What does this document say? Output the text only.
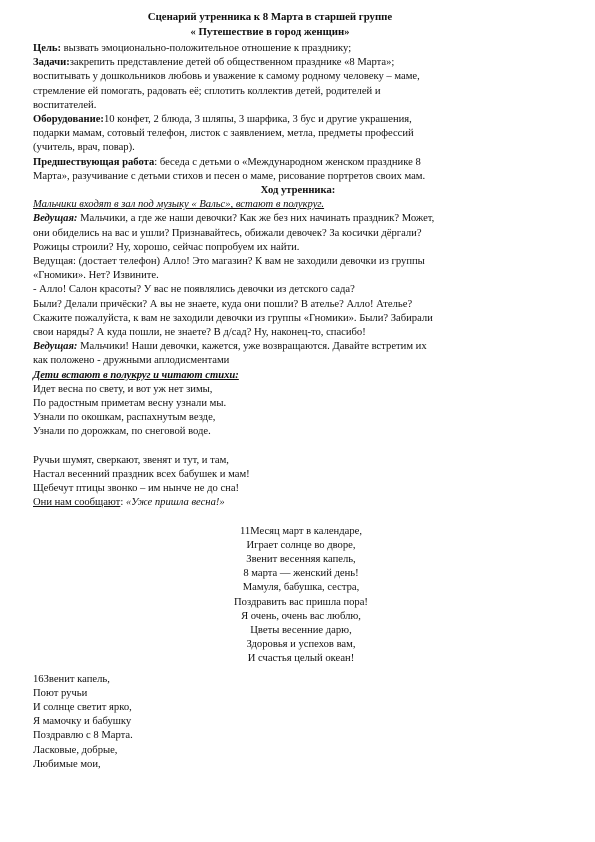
Сценарий утренника к 8 Марта в старшей группе
« Путешествие в город женщин»

Цель: вызвать эмоционально-положительное отношение к празднику;

Задачи:закрепить представление детей об общественном празднике «8 Марта»;
воспитывать у дошкольников любовь и уважение к самому родному человеку – маме,
стремление ей помогать, радовать её; сплотить коллектив детей, родителей и
воспитателей.

Оборудование:10 конфет, 2 блюда, 3 шляпы, 3 шарфика, 3 бус и другие украшения,
подарки мамам, сотовый телефон, листок с заявлением, метла, предметы профессий
(учитель, врач, повар).

Предшествующая работа: беседа с детьми о «Международном женском празднике 8
Марта», разучивание с детьми стихов и песен о маме, рисование портретов своих мам.

Ход утренника:

Мальчики входят в зал под музыку « Вальс», встают в полукруг.

Ведущая: Мальчики, а где же наши девочки? Как же без них начинать праздник? Может,
они обиделись на вас и ушли? Признавайтесь, обижали девочек? За косички дёргали?
Рожицы строили? Ну, хорошо, сейчас попробуем их найти.
Ведущая: (достает телефон) Алло! Это магазин? К вам не заходили девочки из группы
«Гномики». Нет? Извините.
- Алло! Салон красоты? У вас не появлялись девочки из детского сада?
Были? Делали причёски? А вы не знаете, куда они пошли? В ателье? Алло! Ателье?
Скажите пожалуйста, к вам не заходили девочки из группы «Гномики». Были? Забирали
свои наряды? А куда пошли, не знаете? В д/сад? Ну, наконец-то, спасибо!

Ведущая: Мальчики! Наши девочки, кажется, уже возвращаются. Давайте встретим их
как положено - дружными аплодисментами

Дети встают в полукруг и читают стихи:

Идет весна по свету, и вот уж нет зимы,
По радостным приметам весну узнали мы.
Узнали по окошкам, распахнутым везде,
Узнали по дорожкам, по снеговой воде.

Ручьи шумят, сверкают, звенят и тут, и там,
Настал весенний праздник всех бабушек и мам!
Щебечут птицы звонко – им нынче не до сна!
Они нам сообщают: «Уже пришла весна!»

11Месяц март в календаре,
Играет солнце во дворе,
Звенит весенняя капель,
8 марта — женский день!
Мамуля, бабушка, сестра,
Поздравить вас пришла пора!
Я очень, очень вас люблю,
Цветы весенние дарю,
Здоровья и успехов вам,
И счастья целый океан!

16Звенит капель,
Поют ручьи
И солнце светит ярко,
Я мамочку и бабушку
Поздравлю с 8 Марта.
Ласковые, добрые,
Любимые мои,
